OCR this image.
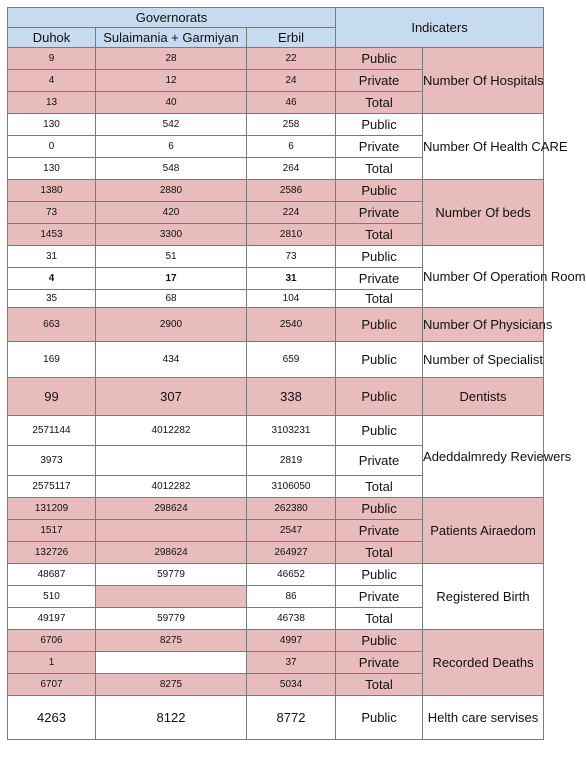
Governorats			Indicaters	
Duhok	Sulaimania + Garmiyan	Erbil		
9	28	22	Public	Number Of Hospitals
4	12	24	Private	
13	40	46	Total	
130	542	258	Public	Number Of Health CARE
0	6	6	Private	
130	548	264	Total	
1380	2880	2586	Public	Number Of beds
73	420	224	Private	
1453	3300	2810	Total	
31	51	73	Public	Number Of Operation Room
4	17	31	Private	
35	68	104	Total	
663	2900	2540	Public	Number Of Physicians
169	434	659	Public	Number of Specialist
99	307	338	Public	Dentists
2571144	4012282	3103231	Public	Adeddalmredy Reviewers
3973		2819	Private	
2575117	4012282	3106050	Total	
131209	298624	262380	Public	Patients Airaedom
1517		2547	Private	
132726	298624	264927	Total	
48687	59779	46652	Public	Registered Birth
510		86	Private	
49197	59779	46738	Total	
6706	8275	4997	Public	Recorded Deaths
1		37	Private	
6707	8275	5034	Total	
4263	8122	8772	Public	Helth care servises
